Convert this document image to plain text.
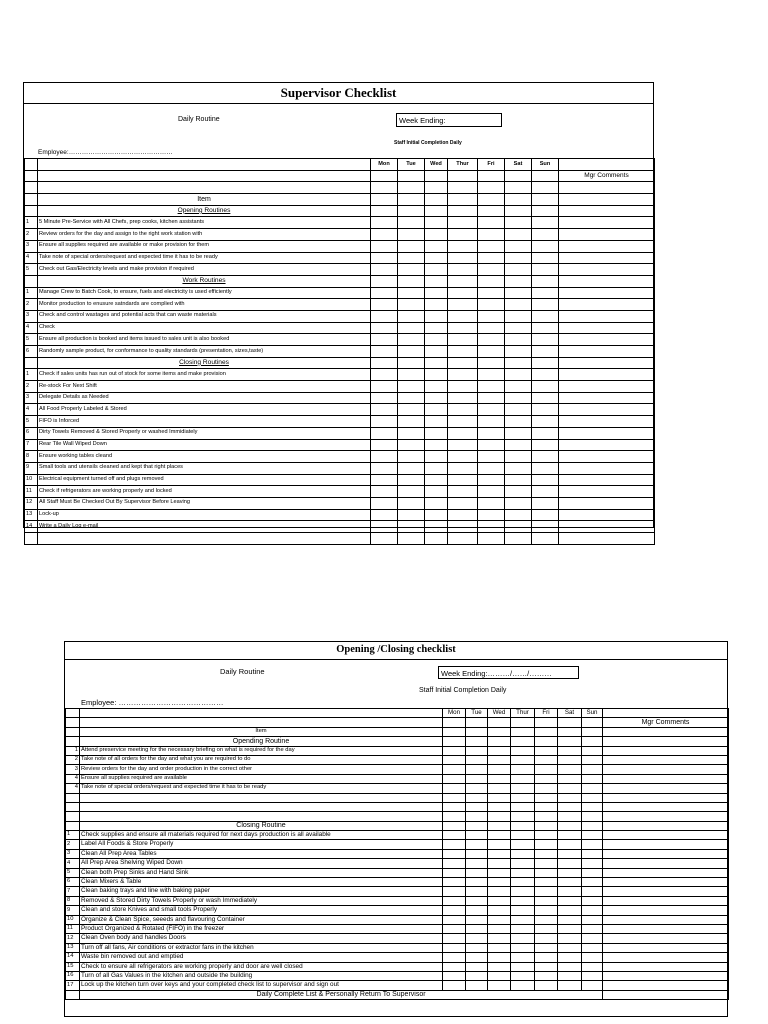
Supervisor Checklist
Daily Routine	Week Ending:
Staff Initial Completion Daily
Employee:…………………………………………
		Mon	Tue	Wed	Thur	Fri	Sat	Sun	
									Mgr Comments

	Item								
	Opening Routines								
1	5 Minute Pre-Service with All Chefs, prep cooks, kitchen assistants								
2	Review orders for the day and assign to the right work station with								
3	Ensure all supplies required are available or make provision for them								
4	Take note of special orders/request and expected time it has to be ready								
5	Check out Gas/Electricity levels and make provision if required								
	Work Routines								
1	Manage Crew to Batch Cook, to ensure, fuels and electricity is used efficiently								
2	Monitor production to enusure satndards are complied with								
3	Check and control wastages and potential acts that can waste materials								
4	Check								
5	Ensure all production is booked and items issued to sales unit is also booked								
6	Randomly sample product, for conformance to quality standards (presentation, sizes,taste)								
	Closing Routines								
1	Check if sales units has run out of stock for some items and make provision								
2	Re-stock For Next Shift								
3	Delegate Details as Needed								
4	All Food Properly Labeled & Stored								
5	FIFO is Inforced								
6	Dirty Towels Removed & Stored Properly or washed Immidiately								
7	Rear Tile Wall Wiped Down								
8	Ensure working tables cleand								
9	Small tools and utensils cleaned and kept that right places								
10	Electrical equipment turned off and plugs removed								
11	Check if refrigerators are working properly and locked								
12	All Staff Must Be Checked Out By Supervisor Before Leaving								
13	Lock-up								
14	Write a Daily Log e-mail								

Opening /Closing checklist
Daily Routine	Week Ending:………/……/………
Staff Initial Completion Daily
Employee: ……………………………………
		Mon	Tue	Wed	Thur	Fri	Sat	Sun	
									Mgr Comments
	Item								
	Opending Routine								
1	Attend preservice meeting for the necessary briefing on what is required for the day								
2	Take note of all orders for the day and what you are required to do								
3	Review orders for the day and order production in the correct other								
4	Ensure all supplies required are available								
4	Take note of special orders/request and expected time it has to be ready								

	Closing Routine								
1	Check supplies and ensure all materials required for next days production is all available								
2	Label All Foods & Store Properly								
3	Clean All Prep Area Tables								
4	All Prep Area Shelving Wiped Down								
5	Clean both Prep Sinks and Hand Sink								
6	Clean Mixers & Table								
7	Clean baking trays and line with baking paper								
8	Removed & Stored Dirty Towels Properly or wash Immediately								
9	Clean and store Knives and small tools Properly								
10	Organize & Clean Spice, seeeds and flavouring Container								
11	Product Organized & Rotated (FIFO) in the freezer								
12	Clean Oven body and handles Doors								
13	Turn off all fans, Air conditions or extractor fans in the kitchen								
14	Waste bin removed out and emptied								
15	Check to ensure all refrigerators are working properly and door are well closed								
16	Turn of all Gas Values in the kitchen and outside the building								
17	Lock up the kitchen turn over keys and your completed check list to supervisor and sign out								
	Daily Complete List & Personally Return To Supervisor								
